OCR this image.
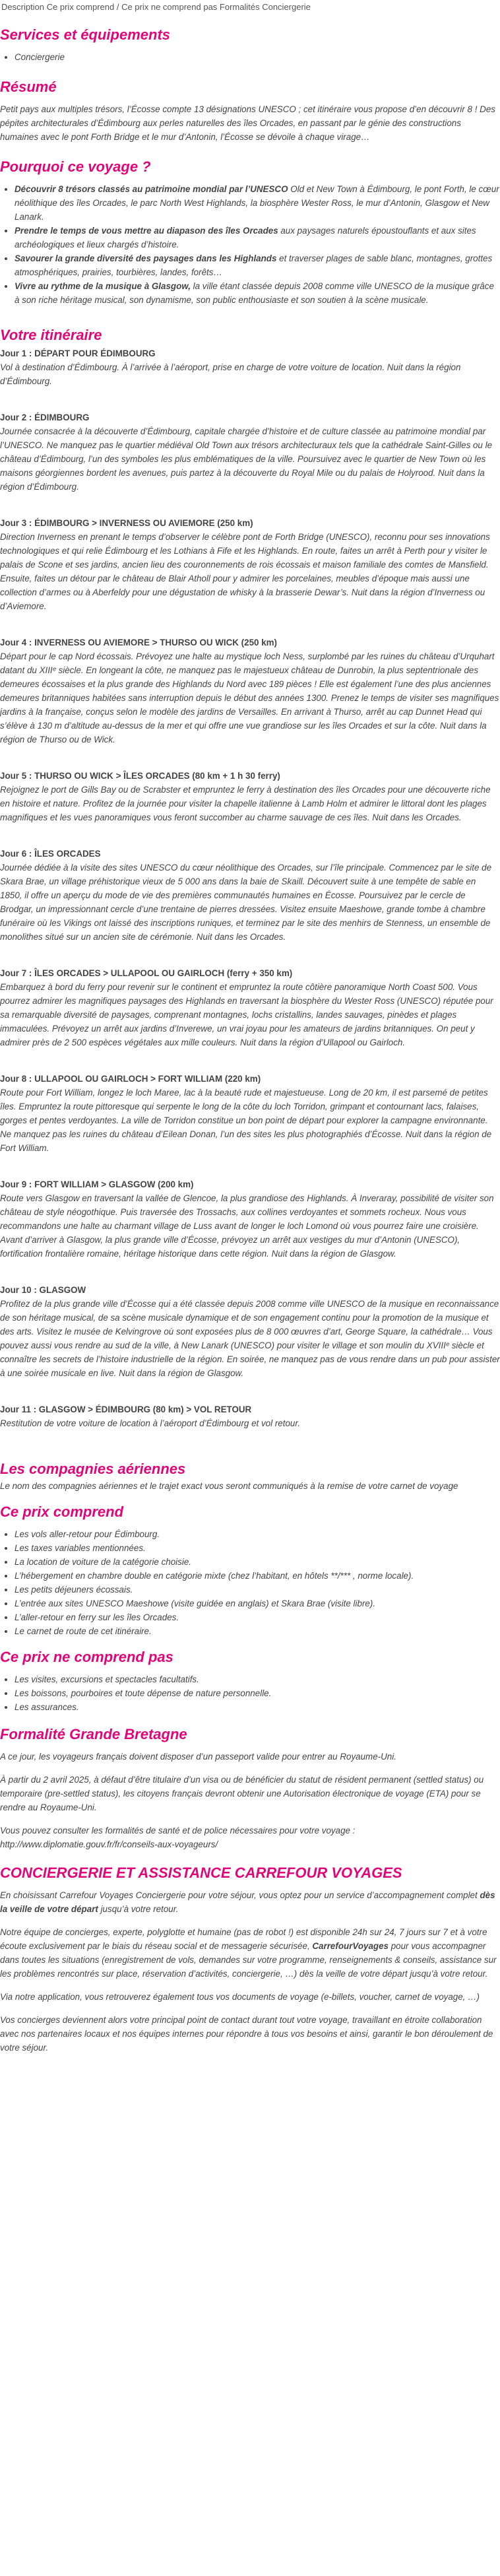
Description Ce prix comprend / Ce prix ne comprend pas Formalités Conciergerie
Services et équipements
• Conciergerie
Résumé

Petit pays aux multiples trésors, l’Écosse compte 13 désignations UNESCO ; cet itinéraire vous propose d’en découvrir 8 ! Des pépites architecturales d’Édimbourg aux perles naturelles des îles Orcades, en passant par le génie des constructions humaines avec le pont Forth Bridge et le mur d’Antonin, l’Écosse se dévoile à chaque virage…

Pourquoi ce voyage ?
• Découvrir 8 trésors classés au patrimoine mondial par l’UNESCO Old et New Town à Édimbourg, le pont Forth, le cœur néolithique des îles Orcades, le parc North West Highlands, la biosphère Wester Ross, le mur d’Antonin, Glasgow et New Lanark.
• Prendre le temps de vous mettre au diapason des îles Orcades aux paysages naturels époustouflants et aux sites archéologiques et lieux chargés d’histoire.
• Savourer la grande diversité des paysages dans les Highlands et traverser plages de sable blanc, montagnes, grottes atmosphériques, prairies, tourbières, landes, forêts…
• Vivre au rythme de la musique à Glasgow, la ville étant classée depuis 2008 comme ville UNESCO de la musique grâce à son riche héritage musical, son dynamisme, son public enthousiaste et son soutien à la scène musicale.
Votre itinéraire
Jour 1 : DÉPART POUR ÉDIMBOURG

Vol à destination d’Édimbourg. À l’arrivée à l’aéroport, prise en charge de votre voiture de location. Nuit dans la région d’Édimbourg.

Jour 2 : ÉDIMBOURG

Journée consacrée à la découverte d’Édimbourg, capitale chargée d’histoire et de culture classée au patrimoine mondial par l’UNESCO. Ne manquez pas le quartier médiéval Old Town aux trésors architecturaux tels que la cathédrale Saint-Gilles ou le château d’Édimbourg, l’un des symboles les plus emblématiques de la ville. Poursuivez avec le quartier de New Town où les maisons géorgiennes bordent les avenues, puis partez à la découverte du Royal Mile ou du palais de Holyrood. Nuit dans la région d’Édimbourg.

Jour 3 : ÉDIMBOURG > INVERNESS OU AVIEMORE (250 km)

Direction Inverness en prenant le temps d’observer le célèbre pont de Forth Bridge (UNESCO), reconnu pour ses innovations technologiques et qui relie Édimbourg et les Lothians à Fife et les Highlands. En route, faites un arrêt à Perth pour y visiter le palais de Scone et ses jardins, ancien lieu des couronnements de rois écossais et maison familiale des comtes de Mansfield. Ensuite, faites un détour par le château de Blair Atholl pour y admirer les porcelaines, meubles d’époque mais aussi une collection d’armes ou à Aberfeldy pour une dégustation de whisky à la brasserie Dewar’s. Nuit dans la région d’Inverness ou d’Aviemore.

Jour 4 : INVERNESS OU AVIEMORE > THURSO OU WICK (250 km)

Départ pour le cap Nord écossais. Prévoyez une halte au mystique loch Ness, surplombé par les ruines du château d’Urquhart datant du XIIIᵉ siècle. En longeant la côte, ne manquez pas le majestueux château de Dunrobin, la plus septentrionale des demeures écossaises et la plus grande des Highlands du Nord avec 189 pièces ! Elle est également l’une des plus anciennes demeures britanniques habitées sans interruption depuis le début des années 1300. Prenez le temps de visiter ses magnifiques jardins à la française, conçus selon le modèle des jardins de Versailles. En arrivant à Thurso, arrêt au cap Dunnet Head qui s’élève à 130 m d’altitude au-dessus de la mer et qui offre une vue grandiose sur les îles Orcades et sur la côte. Nuit dans la région de Thurso ou de Wick.

Jour 5 : THURSO OU WICK > ÎLES ORCADES (80 km + 1 h 30 ferry)

Rejoignez le port de Gills Bay ou de Scrabster et empruntez le ferry à destination des îles Orcades pour une découverte riche en histoire et nature. Profitez de la journée pour visiter la chapelle italienne à Lamb Holm et admirer le littoral dont les plages magnifiques et les vues panoramiques vous feront succomber au charme sauvage de ces îles. Nuit dans les Orcades.

Jour 6 : ÎLES ORCADES

Journée dédiée à la visite des sites UNESCO du cœur néolithique des Orcades, sur l’île principale. Commencez par le site de Skara Brae, un village préhistorique vieux de 5 000 ans dans la baie de Skaill. Découvert suite à une tempête de sable en 1850, il offre un aperçu du mode de vie des premières communautés humaines en Écosse. Poursuivez par le cercle de Brodgar, un impressionnant cercle d’une trentaine de pierres dressées. Visitez ensuite Maeshowe, grande tombe à chambre funéraire où les Vikings ont laissé des inscriptions runiques, et terminez par le site des menhirs de Stenness, un ensemble de monolithes situé sur un ancien site de cérémonie. Nuit dans les Orcades.

Jour 7 : ÎLES ORCADES > ULLAPOOL OU GAIRLOCH (ferry + 350 km)

Embarquez à bord du ferry pour revenir sur le continent et empruntez la route côtière panoramique North Coast 500. Vous pourrez admirer les magnifiques paysages des Highlands en traversant la biosphère du Wester Ross (UNESCO) réputée pour sa remarquable diversité de paysages, comprenant montagnes, lochs cristallins, landes sauvages, pinèdes et plages immaculées. Prévoyez un arrêt aux jardins d’Inverewe, un vrai joyau pour les amateurs de jardins britanniques. On peut y admirer près de 2 500 espèces végétales aux mille couleurs. Nuit dans la région d’Ullapool ou Gairloch.

Jour 8 : ULLAPOOL OU GAIRLOCH > FORT WILLIAM (220 km)

Route pour Fort William, longez le loch Maree, lac à la beauté rude et majestueuse. Long de 20 km, il est parsemé de petites îles. Empruntez la route pittoresque qui serpente le long de la côte du loch Torridon, grimpant et contournant lacs, falaises, gorges et pentes verdoyantes. La ville de Torridon constitue un bon point de départ pour explorer la campagne environnante. Ne manquez pas les ruines du château d’Eilean Donan, l’un des sites les plus photographiés d’Écosse. Nuit dans la région de Fort William.

Jour 9 : FORT WILLIAM > GLASGOW (200 km)

Route vers Glasgow en traversant la vallée de Glencoe, la plus grandiose des Highlands. À Inveraray, possibilité de visiter son château de style néogothique. Puis traversée des Trossachs, aux collines verdoyantes et sommets rocheux. Nous vous recommandons une halte au charmant village de Luss avant de longer le loch Lomond où vous pourrez faire une croisière. Avant d’arriver à Glasgow, la plus grande ville d’Écosse, prévoyez un arrêt aux vestiges du mur d’Antonin (UNESCO), fortification frontalière romaine, héritage historique dans cette région. Nuit dans la région de Glasgow.

Jour 10 : GLASGOW

Profitez de la plus grande ville d’Écosse qui a été classée depuis 2008 comme ville UNESCO de la musique en reconnaissance de son héritage musical, de sa scène musicale dynamique et de son engagement continu pour la promotion de la musique et des arts. Visitez le musée de Kelvingrove où sont exposées plus de 8 000 œuvres d’art, George Square, la cathédrale… Vous pouvez aussi vous rendre au sud de la ville, à New Lanark (UNESCO) pour visiter le village et son moulin du XVIIIᵉ siècle et connaître les secrets de l’histoire industrielle de la région. En soirée, ne manquez pas de vous rendre dans un pub pour assister à une soirée musicale en live. Nuit dans la région de Glasgow.

Jour 11 : GLASGOW > ÉDIMBOURG (80 km) > VOL RETOUR

Restitution de votre voiture de location à l’aéroport d’Édimbourg et vol retour.

Les compagnies aériennes

Le nom des compagnies aériennes et le trajet exact vous seront communiqués à la remise de votre carnet de voyage

Ce prix comprend
• Les vols aller-retour pour Édimbourg.
• Les taxes variables mentionnées.
• La location de voiture de la catégorie choisie.
• L’hébergement en chambre double en catégorie mixte (chez l’habitant, en hôtels **/*** , norme locale).
• Les petits déjeuners écossais.
• L’entrée aux sites UNESCO Maeshowe (visite guidée en anglais) et Skara Brae (visite libre).
• L’aller-retour en ferry sur les îles Orcades.
• Le carnet de route de cet itinéraire.
Ce prix ne comprend pas
• Les visites, excursions et spectacles facultatifs.
• Les boissons, pourboires et toute dépense de nature personnelle.
• Les assurances.
Formalité Grande Bretagne

A ce jour, les voyageurs français doivent disposer d’un passeport valide pour entrer au Royaume-Uni.

À partir du 2 avril 2025, à défaut d’être titulaire d’un visa ou de bénéficier du statut de résident permanent (settled status) ou temporaire (pre-settled status), les citoyens français devront obtenir une Autorisation électronique de voyage (ETA) pour se rendre au Royaume-Uni.

Vous pouvez consulter les formalités de santé et de police nécessaires pour votre voyage :

http://www.diplomatie.gouv.fr/fr/conseils-aux-voyageurs/

CONCIERGERIE ET ASSISTANCE CARREFOUR VOYAGES

En choisissant Carrefour Voyages Conciergerie pour votre séjour, vous optez pour un service d’accompagnement complet dès la veille de votre départ jusqu’à votre retour.

Notre équipe de concierges, experte, polyglotte et humaine (pas de robot !) est disponible 24h sur 24, 7 jours sur 7 et à votre écoute exclusivement par le biais du réseau social et de messagerie sécurisée, CarrefourVoyages pour vous accompagner dans toutes les situations (enregistrement de vols, demandes sur votre programme, renseignements & conseils, assistance sur les problèmes rencontrés sur place, réservation d’activités, conciergerie, …) dès la veille de votre départ jusqu’à votre retour.

Via notre application, vous retrouverez également tous vos documents de voyage (e-billets, voucher, carnet de voyage, …)

Vos concierges deviennent alors votre principal point de contact durant tout votre voyage, travaillant en étroite collaboration avec nos partenaires locaux et nos équipes internes pour répondre à tous vos besoins et ainsi, garantir le bon déroulement de votre séjour.
